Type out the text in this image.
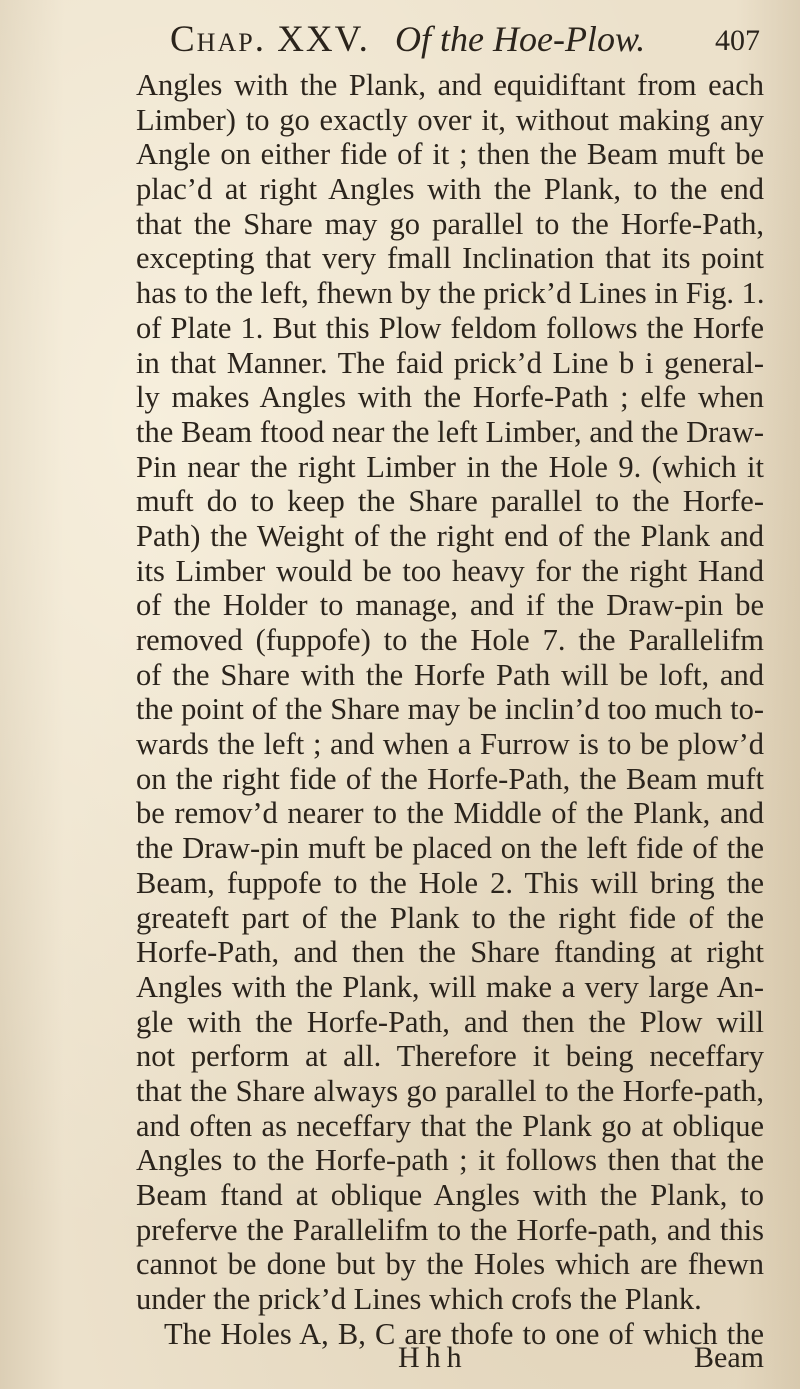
Chap. XXV. Of the Hoe-Plow. 407
Angles with the Plank, and equidiftant from each
Limber) to go exactly over it, without making any
Angle on either fide of it ; then the Beam muft be
plac’d at right Angles with the Plank, to the end
that the Share may go parallel to the Horfe-Path,
excepting that very fmall Inclination that its point
has to the left, fhewn by the prick’d Lines in Fig. 1.
of Plate 1. But this Plow feldom follows the Horfe
in that Manner. The faid prick’d Line b i general-
ly makes Angles with the Horfe-Path ; elfe when
the Beam ftood near the left Limber, and the Draw-
Pin near the right Limber in the Hole 9. (which it
muft do to keep the Share parallel to the Horfe-
Path) the Weight of the right end of the Plank and
its Limber would be too heavy for the right Hand
of the Holder to manage, and if the Draw-pin be
removed (fuppofe) to the Hole 7. the Parallelifm
of the Share with the Horfe Path will be loft, and
the point of the Share may be inclin’d too much to-
wards the left ; and when a Furrow is to be plow’d
on the right fide of the Horfe-Path, the Beam muft
be remov’d nearer to the Middle of the Plank, and
the Draw-pin muft be placed on the left fide of the
Beam, fuppofe to the Hole 2. This will bring the
greateft part of the Plank to the right fide of the
Horfe-Path, and then the Share ftanding at right
Angles with the Plank, will make a very large An-
gle with the Horfe-Path, and then the Plow will
not perform at all. Therefore it being neceffary
that the Share always go parallel to the Horfe-path,
and often as neceffary that the Plank go at oblique
Angles to the Horfe-path ; it follows then that the
Beam ftand at oblique Angles with the Plank, to
preferve the Parallelifm to the Horfe-path, and this
cannot be done but by the Holes which are fhewn
under the prick’d Lines which crofs the Plank.
The Holes A, B, C are thofe to one of which the
Hhh	Beam
